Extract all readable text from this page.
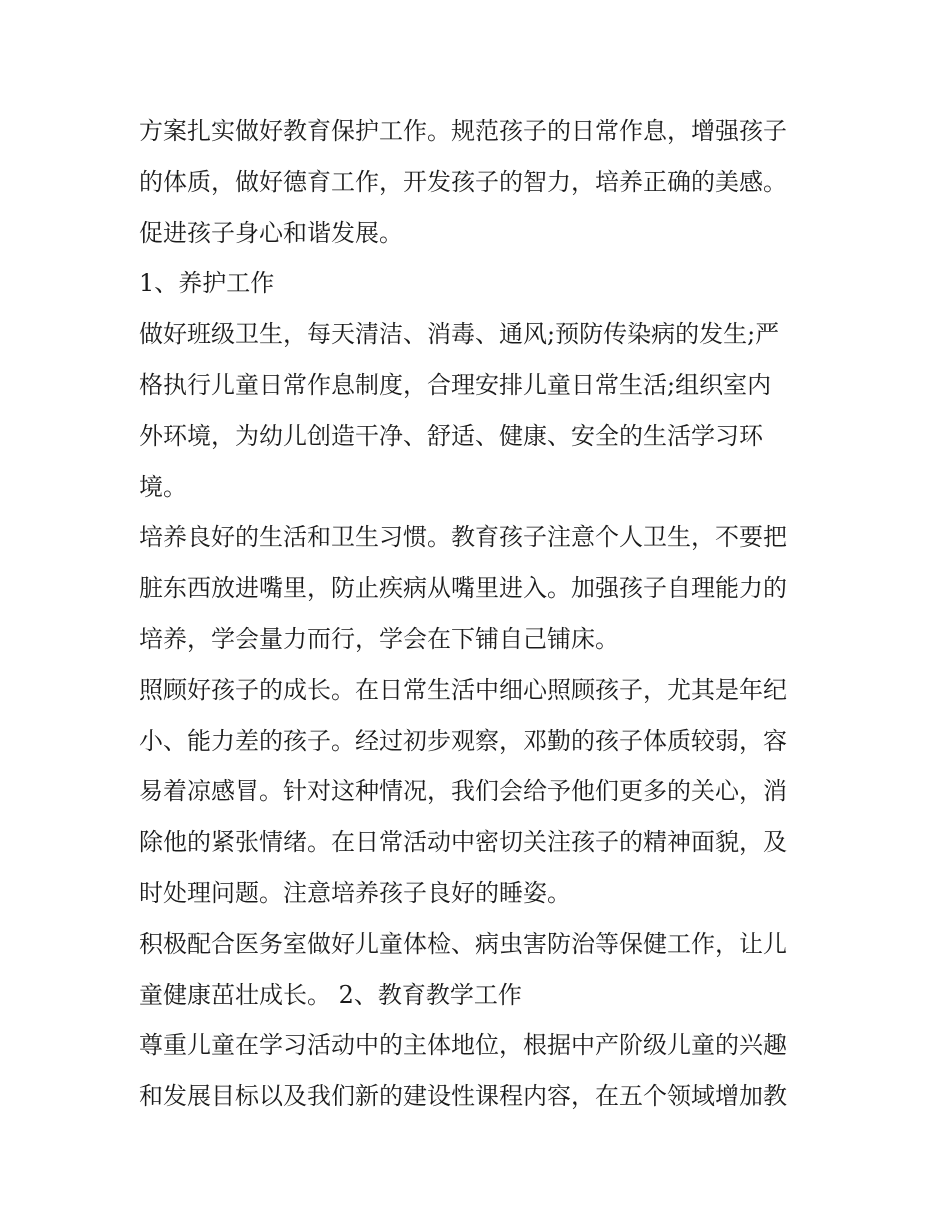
方案扎实做好教育保护工作。规范孩子的日常作息，增强孩子
的体质，做好德育工作，开发孩子的智力，培养正确的美感。
促进孩子身心和谐发展。

1、养护工作

做好班级卫生，每天清洁、消毒、通风;预防传染病的发生;严
格执行儿童日常作息制度，合理安排儿童日常生活;组织室内
外环境，为幼儿创造干净、舒适、健康、安全的生活学习环
境。

培养良好的生活和卫生习惯。教育孩子注意个人卫生，不要把
脏东西放进嘴里，防止疾病从嘴里进入。加强孩子自理能力的
培养，学会量力而行，学会在下铺自己铺床。

照顾好孩子的成长。在日常生活中细心照顾孩子，尤其是年纪
小、能力差的孩子。经过初步观察，邓勤的孩子体质较弱，容
易着凉感冒。针对这种情况，我们会给予他们更多的关心，消
除他的紧张情绪。在日常活动中密切关注孩子的精神面貌，及
时处理问题。注意培养孩子良好的睡姿。

积极配合医务室做好儿童体检、病虫害防治等保健工作，让儿
童健康茁壮成长。 2、教育教学工作

尊重儿童在学习活动中的主体地位，根据中产阶级儿童的兴趣
和发展目标以及我们新的建设性课程内容，在五个领域增加教
